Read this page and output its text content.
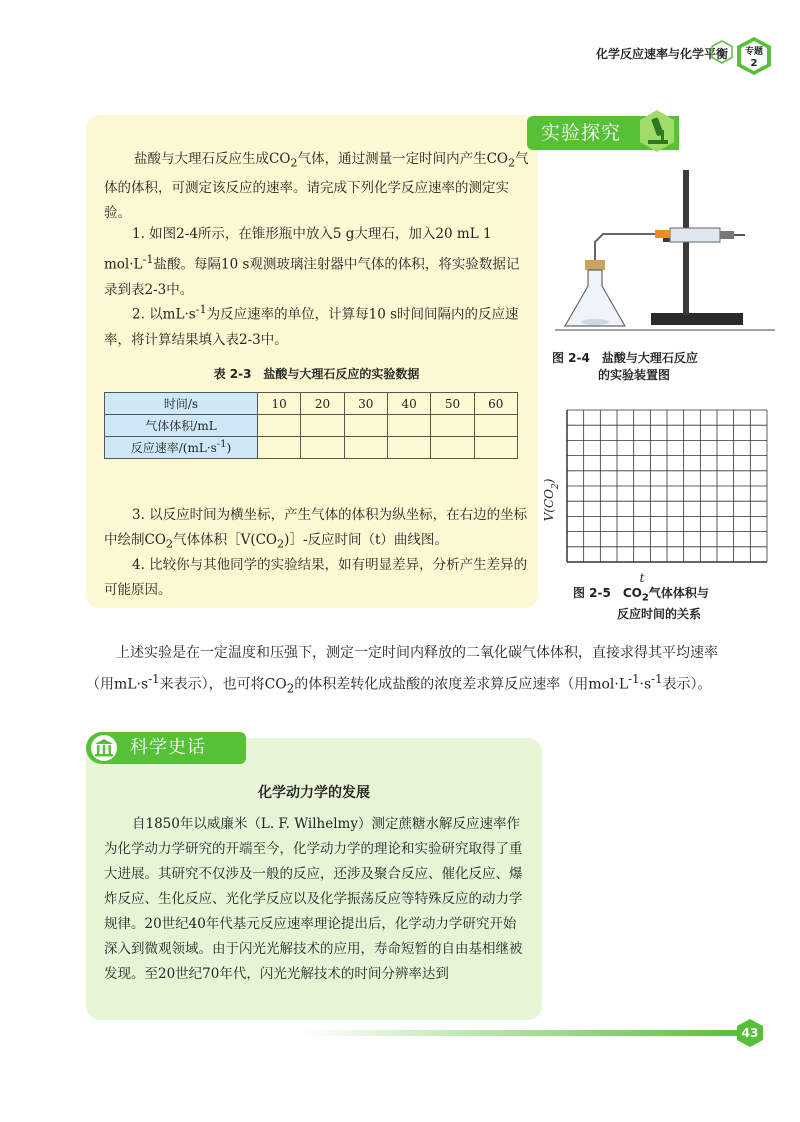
化学反应速率与化学平衡 专题
2
实验探究
盐酸与大理石反应生成$CO_2$气体，通过测量一定时间内产生$CO_2$气体的体积，可测定该反应的速率。请完成下列化学反应速率的测定实验。
1. 如图2-4所示，在锥形瓶中放入5 g大理石，加入20 mL 1 $mol\cdot L^{-1}$盐酸。每隔10 s观测玻璃注射器中气体的体积，将实验数据记录到表2-3中。
2. 以$mL\cdot s^{-1}$为反应速率的单位，计算每10 s时间间隔内的反应速率，将计算结果填入表2-3中。
表 2-3　盐酸与大理石反应的实验数据
时间/s	10	20	30	40	50	60
气体体积/mL						
反应速率$/(mL\cdot s^{-1})$						
3. 以反应时间为横坐标，产生气体的体积为纵坐标，在右边的坐标中绘制$CO_2$气体体积$[V(CO_2)]-$反应时间（t）曲线图。
4. 比较你与其他同学的实验结果，如有明显差异，分析产生差异的可能原因。
图 2-4　盐酸与大理石反应
的实验装置图
$V(CO_2)$
t
图 2-5　$CO_2$气体体积与
反应时间的关系
上述实验是在一定温度和压强下，测定一定时间内释放的二氧化碳气体体积，直接求得其平均速率（用$mL\cdot s^{-1}$来表示），也可将$CO_2$的体积差转化成盐酸的浓度差求算反应速率（用$mol\cdot L^{-1}\cdot s^{-1}$表示）。
科学史话
化学动力学的发展
自1850年以威廉米（L. F. Wilhelmy）测定蔗糖水解反应速率作为化学动力学研究的开端至今，化学动力学的理论和实验研究取得了重大进展。其研究不仅涉及一般的反应，还涉及聚合反应、催化反应、爆炸反应、生化反应、光化学反应以及化学振荡反应等特殊反应的动力学规律。20世纪40年代基元反应速率理论提出后，化学动力学研究开始深入到微观领域。由于闪光光解技术的应用，寿命短暂的自由基相继被发现。至20世纪70年代，闪光光解技术的时间分辨率达到
43
